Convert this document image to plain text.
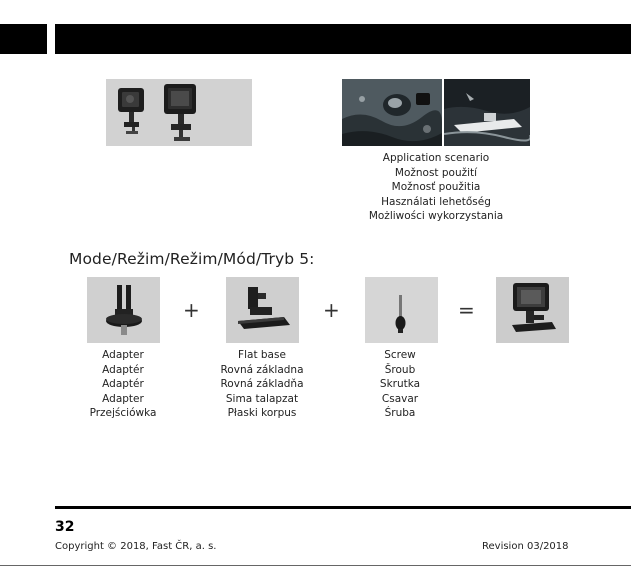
Application scenario
Možnost použití
Možnosť použitia
Használati lehetőség
Możliwości wykorzystania
Mode/Režim/Režim/Mód/Tryb 5:
+	+	=
Adapter
Adaptér
Adaptér
Adapter
Przejściówka
Flat base
Rovná základna
Rovná základňa
Sima talapzat
Płaski korpus
Screw
Šroub
Skrutka
Csavar
Śruba
32
Copyright © 2018, Fast ČR, a. s.	Revision 03/2018
